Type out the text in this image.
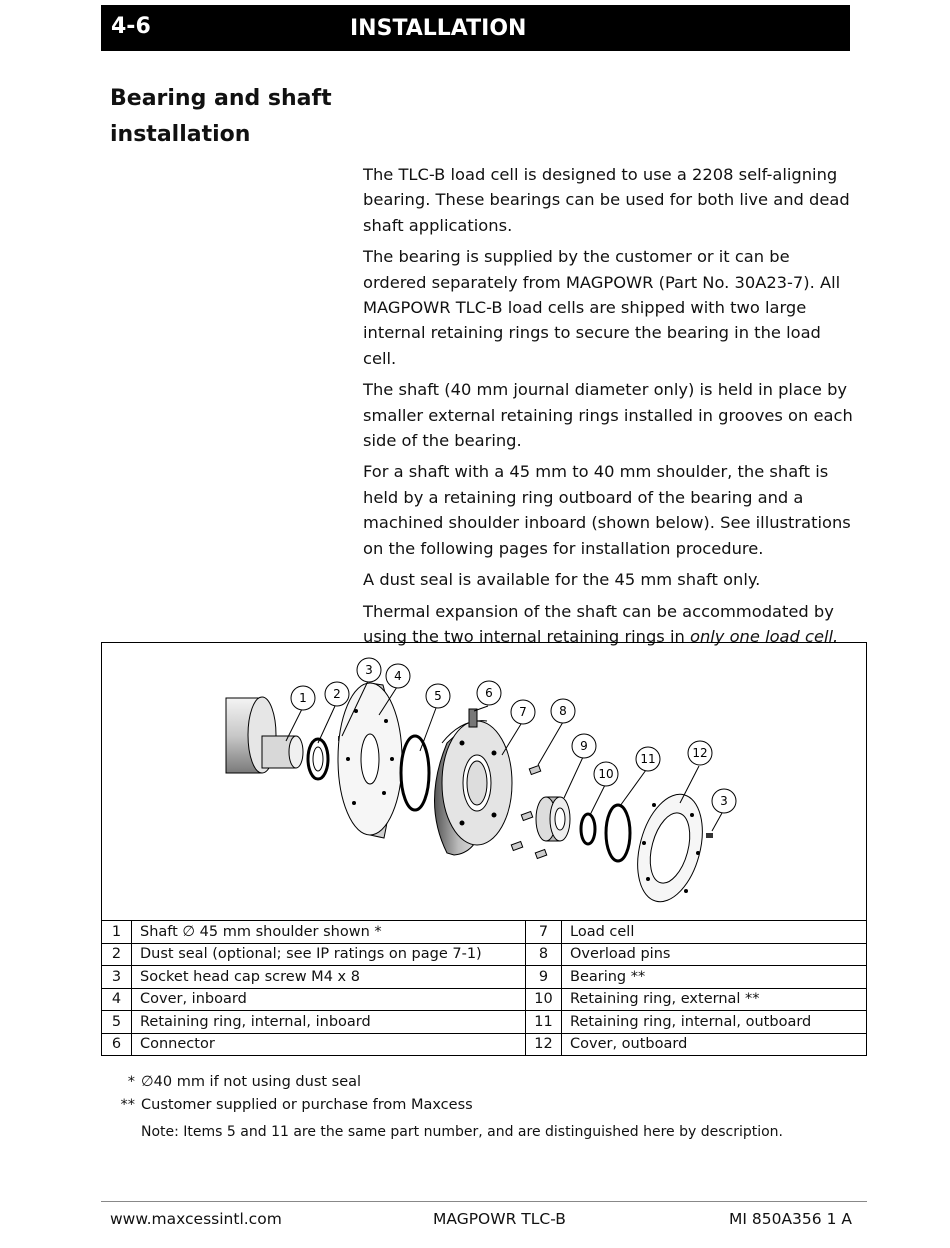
4-6	INSTALLATION
Bearing and shaft installation

The TLC-B load cell is designed to use a 2208 self-aligning bearing. These bearings can be used for both live and dead shaft applications.

The bearing is supplied by the customer or it can be ordered separately from MAGPOWR (Part No. 30A23-7). All MAGPOWR TLC-B load cells are shipped with two large internal retaining rings to secure the bearing in the load cell.

The shaft (40 mm journal diameter only) is held in place by smaller external retaining rings installed in grooves on each side of the bearing.

For a shaft with a 45 mm to 40 mm shoulder, the shaft is held by a retaining ring outboard of the bearing and a machined shoulder inboard (shown below). See illustrations on the following pages for installation procedure.

A dust seal is available for the 45 mm shaft only.

Thermal expansion of the shaft can be accommodated by using the two internal retaining rings in only one load cell.

1 2
3 4
5	6
7	8
9
10
11	12
3
1	Shaft ∅ 45 mm shoulder shown *	7	Load cell
2	Dust seal (optional; see IP ratings on page 7-1)	8	Overload pins
3	Socket head cap screw M4 x 8	9	Bearing **
4	Cover, inboard	10	Retaining ring, external **
5	Retaining ring, internal, inboard	11	Retaining ring, internal, outboard
6	Connector	12	Cover, outboard
* ∅40 mm if not using dust seal
** Customer supplied or purchase from Maxcess
Note: Items 5 and 11 are the same part number, and are distinguished here by description.
www.maxcessintl.com	MAGPOWR TLC-B	MI 850A356 1 A
